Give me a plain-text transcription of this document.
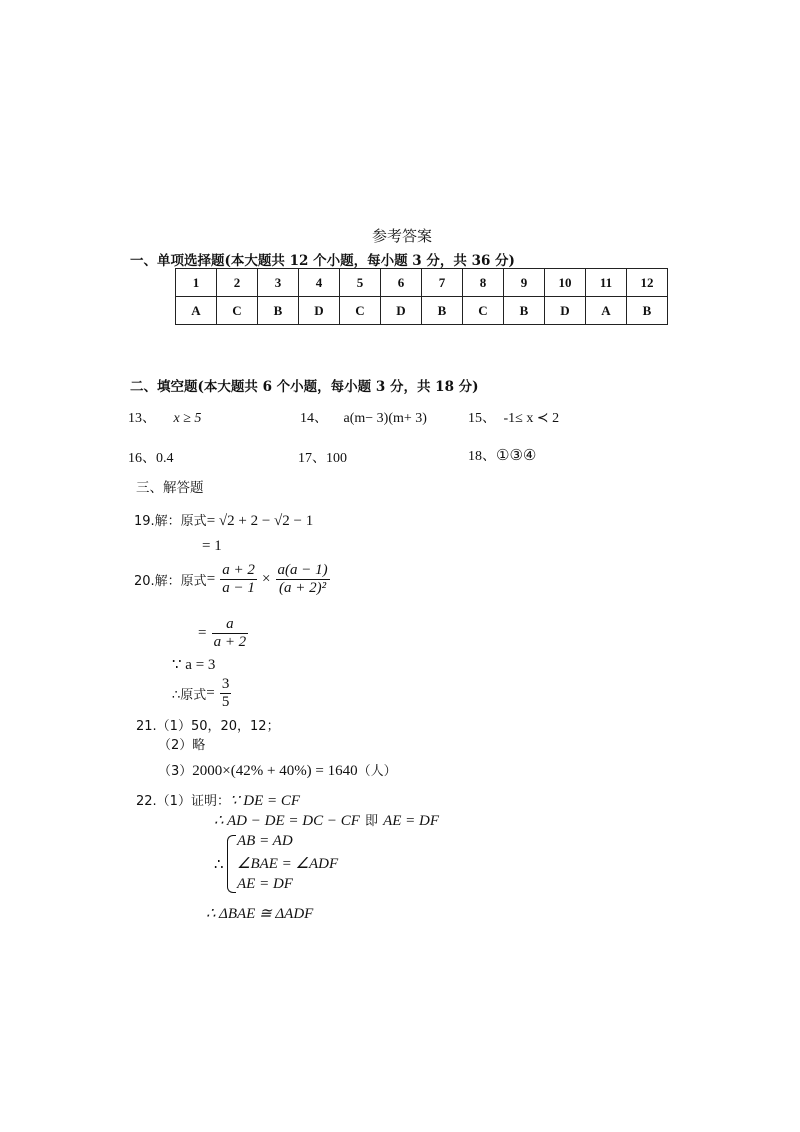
参考答案
一、单项选择题(本大题共 12 个小题，每小题 3 分，共 36 分)
1	2	3	4	5	6	7	8	9	10	11	12
A	C	B	D	C	D	B	C	B	D	A	B
二、填空题(本大题共 6 个小题，每小题 3 分，共 18 分)
13、 x ≥ 5	14、 a(m− 3)(m+ 3)	15、 -1≤ x ≺ 2
16、0.4	17、100	18、①③④
三、解答题
19.解：原式= √2 + 2 − √2 − 1
= 1
20.解：原式= $\frac{a + 2}{a - 1} \times \frac{a(a - 1)}{\text{(a + 2)²}}$
= $\frac{a}{a + 2}$
∵ a = 3
∴原式= $\frac{3}{5}$
21.（1）50，20，12；
（2）略
（3）2000×(42% + 40%) = 1640（人）
22.（1）证明：∵ DE = CF
∴ AD − DE = DC − CF 即 AE = DF
∴
AB = AD
∠BAE = ∠ADF
AE = DF
∴ ΔBAE ≅ ΔADF
